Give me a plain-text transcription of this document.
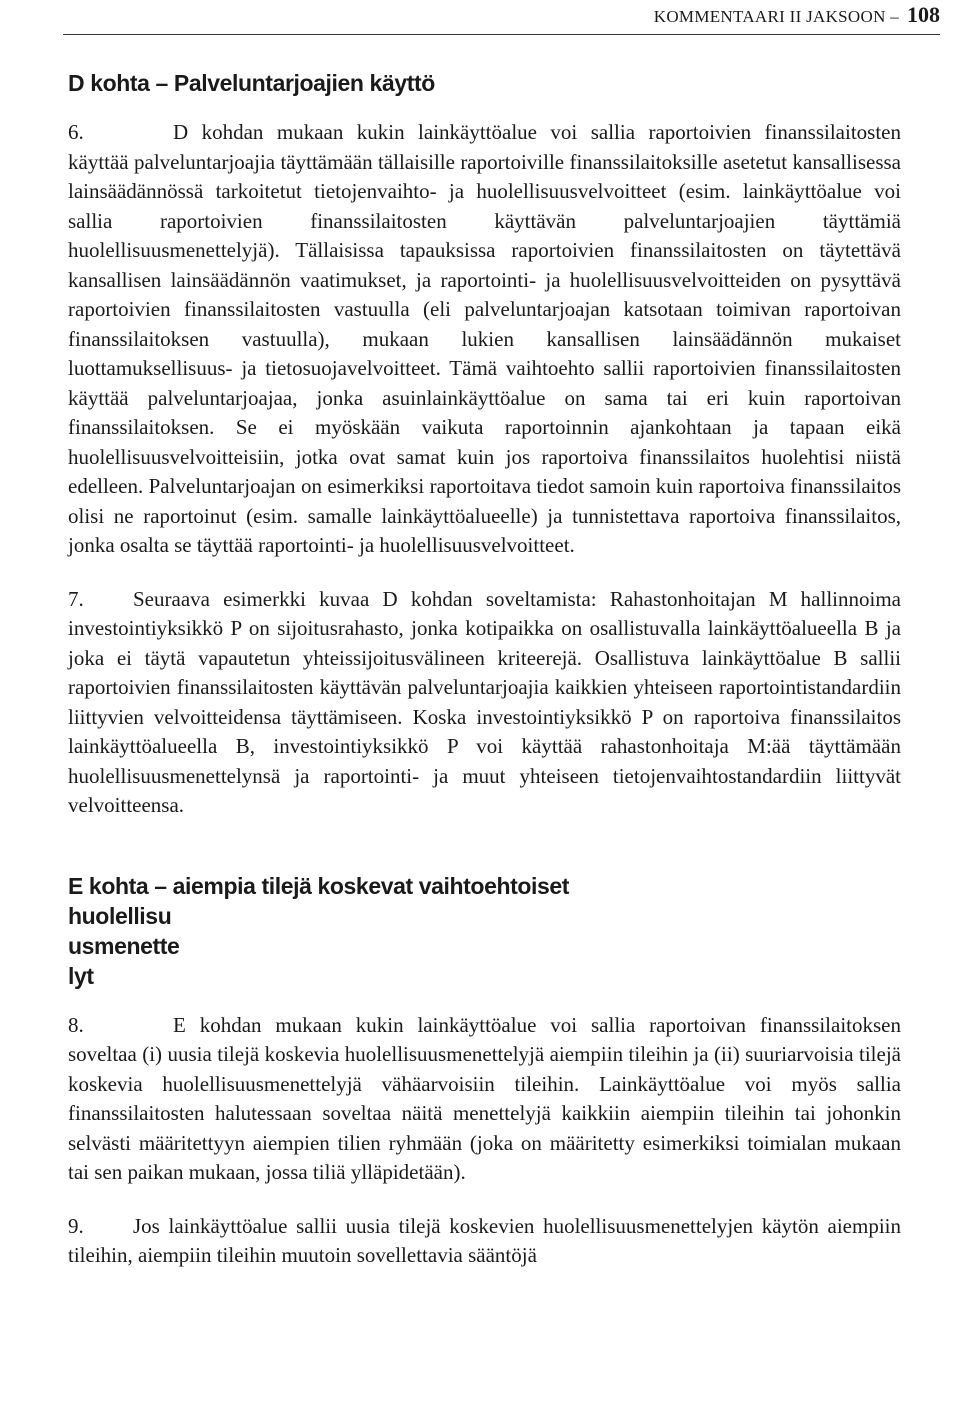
KOMMENTAARI II JAKSOON – 108
D kohta – Palveluntarjoajien käyttö

6.	D kohdan mukaan kukin lainkäyttöalue voi sallia raportoivien finanssilaitosten käyttää palveluntarjoajia täyttämään tällaisille raportoiville finanssilaitoksille asetetut kansallisessa lainsäädännössä tarkoitetut tietojenvaihto- ja huolellisuusvelvoitteet (esim. lainkäyttöalue voi sallia raportoivien finanssilaitosten käyttävän palveluntarjoajien täyttämiä huolellisuusmenettelyjä). Tällaisissa tapauksissa raportoivien finanssilaitosten on täytettävä kansallisen lainsäädännön vaatimukset, ja raportointi- ja huolellisuusvelvoitteiden on pysyttävä raportoivien finanssilaitosten vastuulla (eli palveluntarjoajan katsotaan toimivan raportoivan finanssilaitoksen vastuulla), mukaan lukien kansallisen lainsäädännön mukaiset luottamuksellisuus- ja tietosuojavelvoitteet. Tämä vaihtoehto sallii raportoivien finanssilaitosten käyttää palveluntarjoajaa, jonka asuinlainkäyttöalue on sama tai eri kuin raportoivan finanssilaitoksen. Se ei myöskään vaikuta raportoinnin ajankohtaan ja tapaan eikä huolellisuusvelvoitteisiin, jotka ovat samat kuin jos raportoiva finanssilaitos huolehtisi niistä edelleen. Palveluntarjoajan on esimerkiksi raportoitava tiedot samoin kuin raportoiva finanssilaitos olisi ne raportoinut (esim. samalle lainkäyttöalueelle) ja tunnistettava raportoiva finanssilaitos, jonka osalta se täyttää raportointi- ja huolellisuusvelvoitteet.

7. Seuraava esimerkki kuvaa D kohdan soveltamista: Rahastonhoitajan M hallinnoima investointiyksikkö P on sijoitusrahasto, jonka kotipaikka on osallistuvalla lainkäyttöalueella B ja joka ei täytä vapautetun yhteissijoitusvälineen kriteerejä. Osallistuva lainkäyttöalue B sallii raportoivien finanssilaitosten käyttävän palveluntarjoajia kaikkien yhteiseen raportointistandardiin liittyvien velvoitteidensa täyttämiseen. Koska investointiyksikkö P on raportoiva finanssilaitos lainkäyttöalueella B, investointiyksikkö P voi käyttää rahastonhoitaja M:ää täyttämään huolellisuusmenettelynsä ja raportointi- ja muut yhteiseen tietojenvaihtostandardiin liittyvät velvoitteensa.

E kohta – aiempia tilejä koskevat vaihtoehtoiset
huolellisu
usmenette
lyt

8.	E kohdan mukaan kukin lainkäyttöalue voi sallia raportoivan finanssilaitoksen soveltaa (i) uusia tilejä koskevia huolellisuusmenettelyjä aiempiin tileihin ja (ii) suuriarvoisia tilejä koskevia huolellisuusmenettelyjä vähäarvoisiin tileihin. Lainkäyttöalue voi myös sallia finanssilaitosten halutessaan soveltaa näitä menettelyjä kaikkiin aiempiin tileihin tai johonkin selvästi määritettyyn aiempien tilien ryhmään (joka on määritetty esimerkiksi toimialan mukaan tai sen paikan mukaan, jossa tiliä ylläpidetään).

9. Jos lainkäyttöalue sallii uusia tilejä koskevien huolellisuusmenettelyjen käytön aiempiin tileihin, aiempiin tileihin muutoin sovellettavia sääntöjä
